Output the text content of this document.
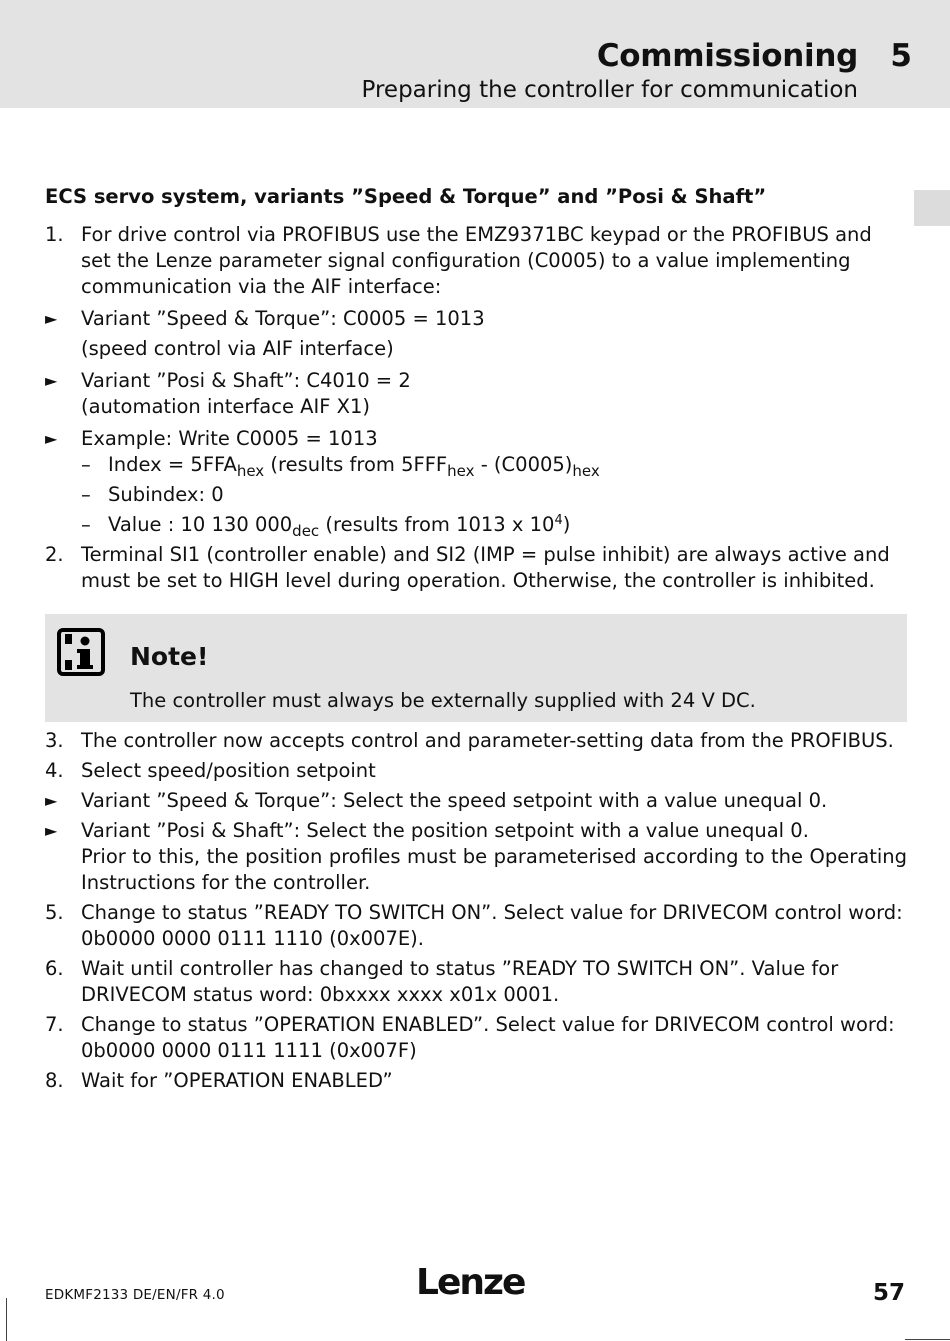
Commissioning 5
Preparing the controller for communication
ECS servo system, variants ”Speed & Torque” and ”Posi & Shaft”
1. For drive control via PROFIBUS use the EMZ9371BC keypad or the PROFIBUS and set the Lenze parameter signal configuration (C0005) to a value implementing communication via the AIF interface:
► Variant ”Speed & Torque”: C0005 = 1013
(speed control via AIF interface)
► Variant ”Posi & Shaft”: C4010 = 2
(automation interface AIF X1)
► Example: Write C0005 = 1013
– Index = $5FFA_{hex}$ (results from $5FFF_{hex} - (C0005)_{hex}$
– Subindex: 0
– Value : 10 130 $000_{dec}$ (results from 1013 x $10^4$)
2. Terminal SI1 (controller enable) and SI2 (IMP = pulse inhibit) are always active and must be set to HIGH level during operation. Otherwise, the controller is inhibited.
Note!
The controller must always be externally supplied with 24 V DC.
3. The controller now accepts control and parameter-setting data from the PROFIBUS.
4. Select speed/position setpoint
► Variant ”Speed & Torque”: Select the speed setpoint with a value unequal 0.
► Variant ”Posi & Shaft”: Select the position setpoint with a value unequal 0.
Prior to this, the position profiles must be parameterised according to the Operating Instructions for the controller.
5. Change to status ”READY TO SWITCH ON”. Select value for DRIVECOM control word: 0b0000 0000 0111 1110 (0x007E).
6. Wait until controller has changed to status ”READY TO SWITCH ON”. Value for DRIVECOM status word: 0bxxxx xxxx x01x 0001.
7. Change to status ”OPERATION ENABLED”. Select value for DRIVECOM control word: 0b0000 0000 0111 1111 (0x007F)
8. Wait for ”OPERATION ENABLED”
EDKMF2133 DE/EN/FR 4.0	Lenze	57
